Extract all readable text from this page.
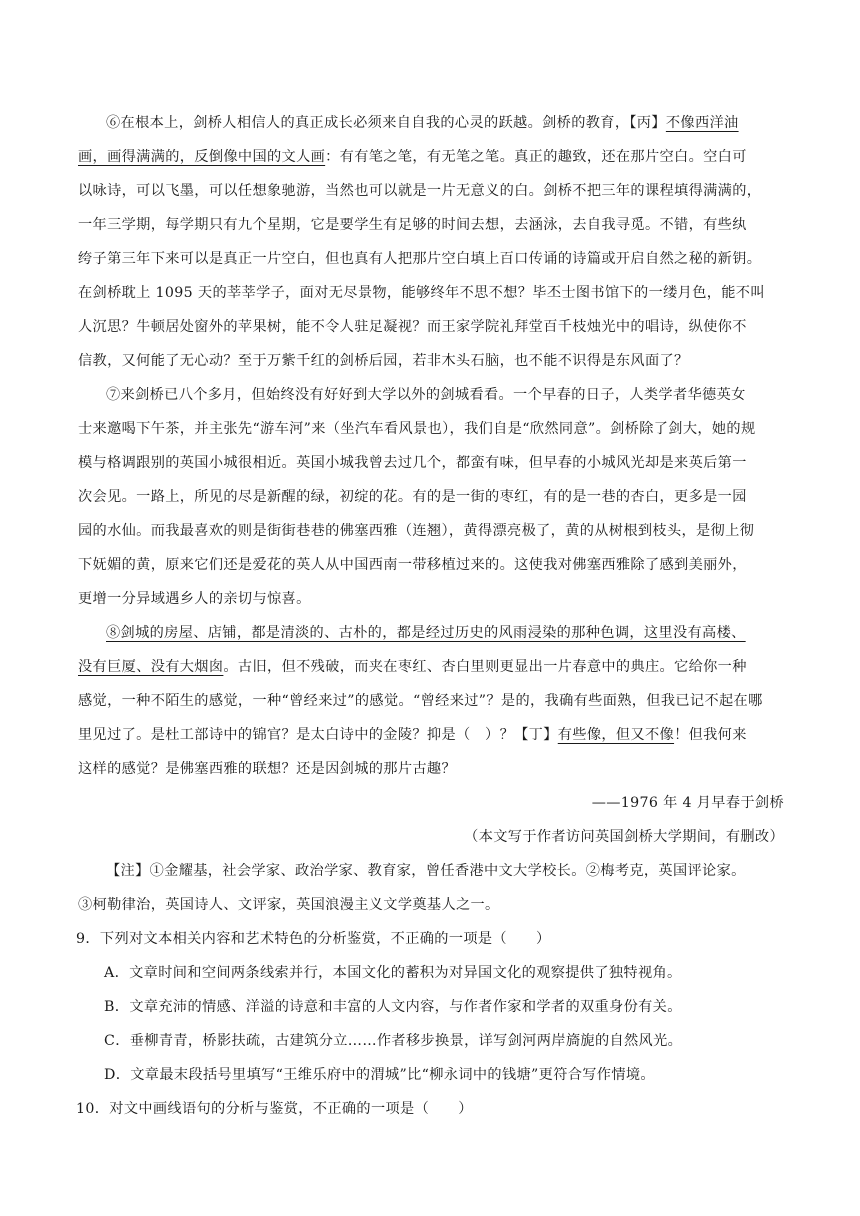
⑥在根本上，剑桥人相信人的真正成长必须来自自我的心灵的跃越。剑桥的教育，【丙】不像西洋油
画，画得满满的，反倒像中国的文人画：有有笔之笔，有无笔之笔。真正的趣致，还在那片空白。空白可
以咏诗，可以飞墨，可以任想象驰游，当然也可以就是一片无意义的白。剑桥不把三年的课程填得满满的，
一年三学期，每学期只有九个星期，它是要学生有足够的时间去想，去涵泳，去自我寻觅。不错，有些纨
绔子第三年下来可以是真正一片空白，但也真有人把那片空白填上百口传诵的诗篇或开启自然之秘的新钥。
在剑桥耽上 1095 天的莘莘学子，面对无尽景物，能够终年不思不想？毕丕士图书馆下的一缕月色，能不叫
人沉思？牛顿居处窗外的苹果树，能不令人驻足凝视？而王家学院礼拜堂百千枝烛光中的唱诗，纵使你不
信教，又何能了无心动？至于万紫千红的剑桥后园，若非木头石脑，也不能不识得是东风面了？
⑦来剑桥已八个多月，但始终没有好好到大学以外的剑城看看。一个早春的日子，人类学者华德英女
士来邀喝下午茶，并主张先“游车河”来（坐汽车看风景也），我们自是“欣然同意”。剑桥除了剑大，她的规
模与格调跟别的英国小城很相近。英国小城我曾去过几个，都蛮有味，但早春的小城风光却是来英后第一
次会见。一路上，所见的尽是新醒的绿，初绽的花。有的是一街的枣红，有的是一巷的杏白，更多是一园
园的水仙。而我最喜欢的则是街街巷巷的佛塞西雅（连翘），黄得漂亮极了，黄的从树根到枝头，是彻上彻
下妩媚的黄，原来它们还是爱花的英人从中国西南一带移植过来的。这使我对佛塞西雅除了感到美丽外，
更增一分异域遇乡人的亲切与惊喜。
⑧剑城的房屋、店铺，都是清淡的、古朴的，都是经过历史的风雨浸染的那种色调，这里没有高楼、
没有巨厦、没有大烟囱。古旧，但不残破，而夹在枣红、杏白里则更显出一片春意中的典庄。它给你一种
感觉，一种不陌生的感觉，一种“曾经来过”的感觉。“曾经来过”？是的，我确有些面熟，但我已记不起在哪
里见过了。是杜工部诗中的锦官？是太白诗中的金陵？抑是（　）？【丁】有些像，但又不像！但我何来
这样的感觉？是佛塞西雅的联想？还是因剑城的那片古趣？
——1976 年 4 月早春于剑桥
（本文写于作者访问英国剑桥大学期间，有删改）
【注】①金耀基，社会学家、政治学家、教育家，曾任香港中文大学校长。②梅考克，英国评论家。
③柯勒律治，英国诗人、文评家，英国浪漫主义文学奠基人之一。
9．下列对文本相关内容和艺术特色的分析鉴赏，不正确的一项是（　　）
A．文章时间和空间两条线索并行，本国文化的蓄积为对异国文化的观察提供了独特视角。
B．文章充沛的情感、洋溢的诗意和丰富的人文内容，与作者作家和学者的双重身份有关。
C．垂柳青青，桥影扶疏，古建筑分立……作者移步换景，详写剑河两岸旖旎的自然风光。
D．文章最末段括号里填写“王维乐府中的渭城”比“柳永词中的钱塘”更符合写作情境。
10．对文中画线语句的分析与鉴赏，不正确的一项是（　　）
